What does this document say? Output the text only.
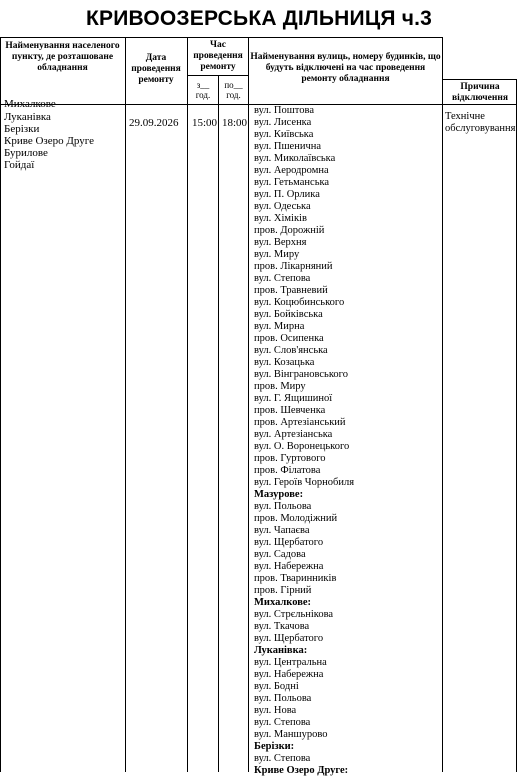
КРИВООЗЕРСЬКА ДІЛЬНИЦЯ ч.3
Найменування населеного пункту, де розташоване обладнання
Дата проведення ремонту
Час проведення ремонту
з__ год.
по__ год.
Найменування вулиць, номеру будинків, що будуть відключені на час проведення ремонту обладнання
Причина відключення
Михалкове
Луканівка
Берізки
Криве Озеро Друге
Бурилове
Гойдаї
29.09.2026 15:00 18:00
Технічне обслуговування
вул. Поштова
вул. Лисенка
вул. Київська
вул. Пшенична
вул. Миколаївська
вул. Аеродромна
вул. Гетьманська
вул. П. Орлика
вул. Одеська
вул. Хіміків
пров. Дорожній
вул. Верхня
вул. Миру
пров. Лікарняний
вул. Степова
пров. Травневий
вул. Коцюбинського
вул. Бойківська
вул. Мирна
пров. Осипенка
вул. Слов'янська
вул. Козацька
вул. Вінграновського
пров. Миру
вул. Г. Ящишиної
пров. Шевченка
пров. Артезіанський
вул. Артезіанська
вул. О. Воронецького
пров. Гуртового
пров. Філатова
вул. Героїв Чорнобиля
Мазурове:
вул. Польова
пров. Молодіжний
вул. Чапаєва
вул. Щербатого
вул. Садова
вул. Набережна
пров. Тваринників
пров. Гірний
Михалкове:
вул. Стрєльнікова
вул. Ткачова
вул. Щербатого
Луканівка:
вул. Центральна
вул. Набережна
вул. Бодні
вул. Польова
вул. Нова
вул. Степова
вул. Маншурово
Берізки:
вул. Степова
Криве Озеро Друге:
